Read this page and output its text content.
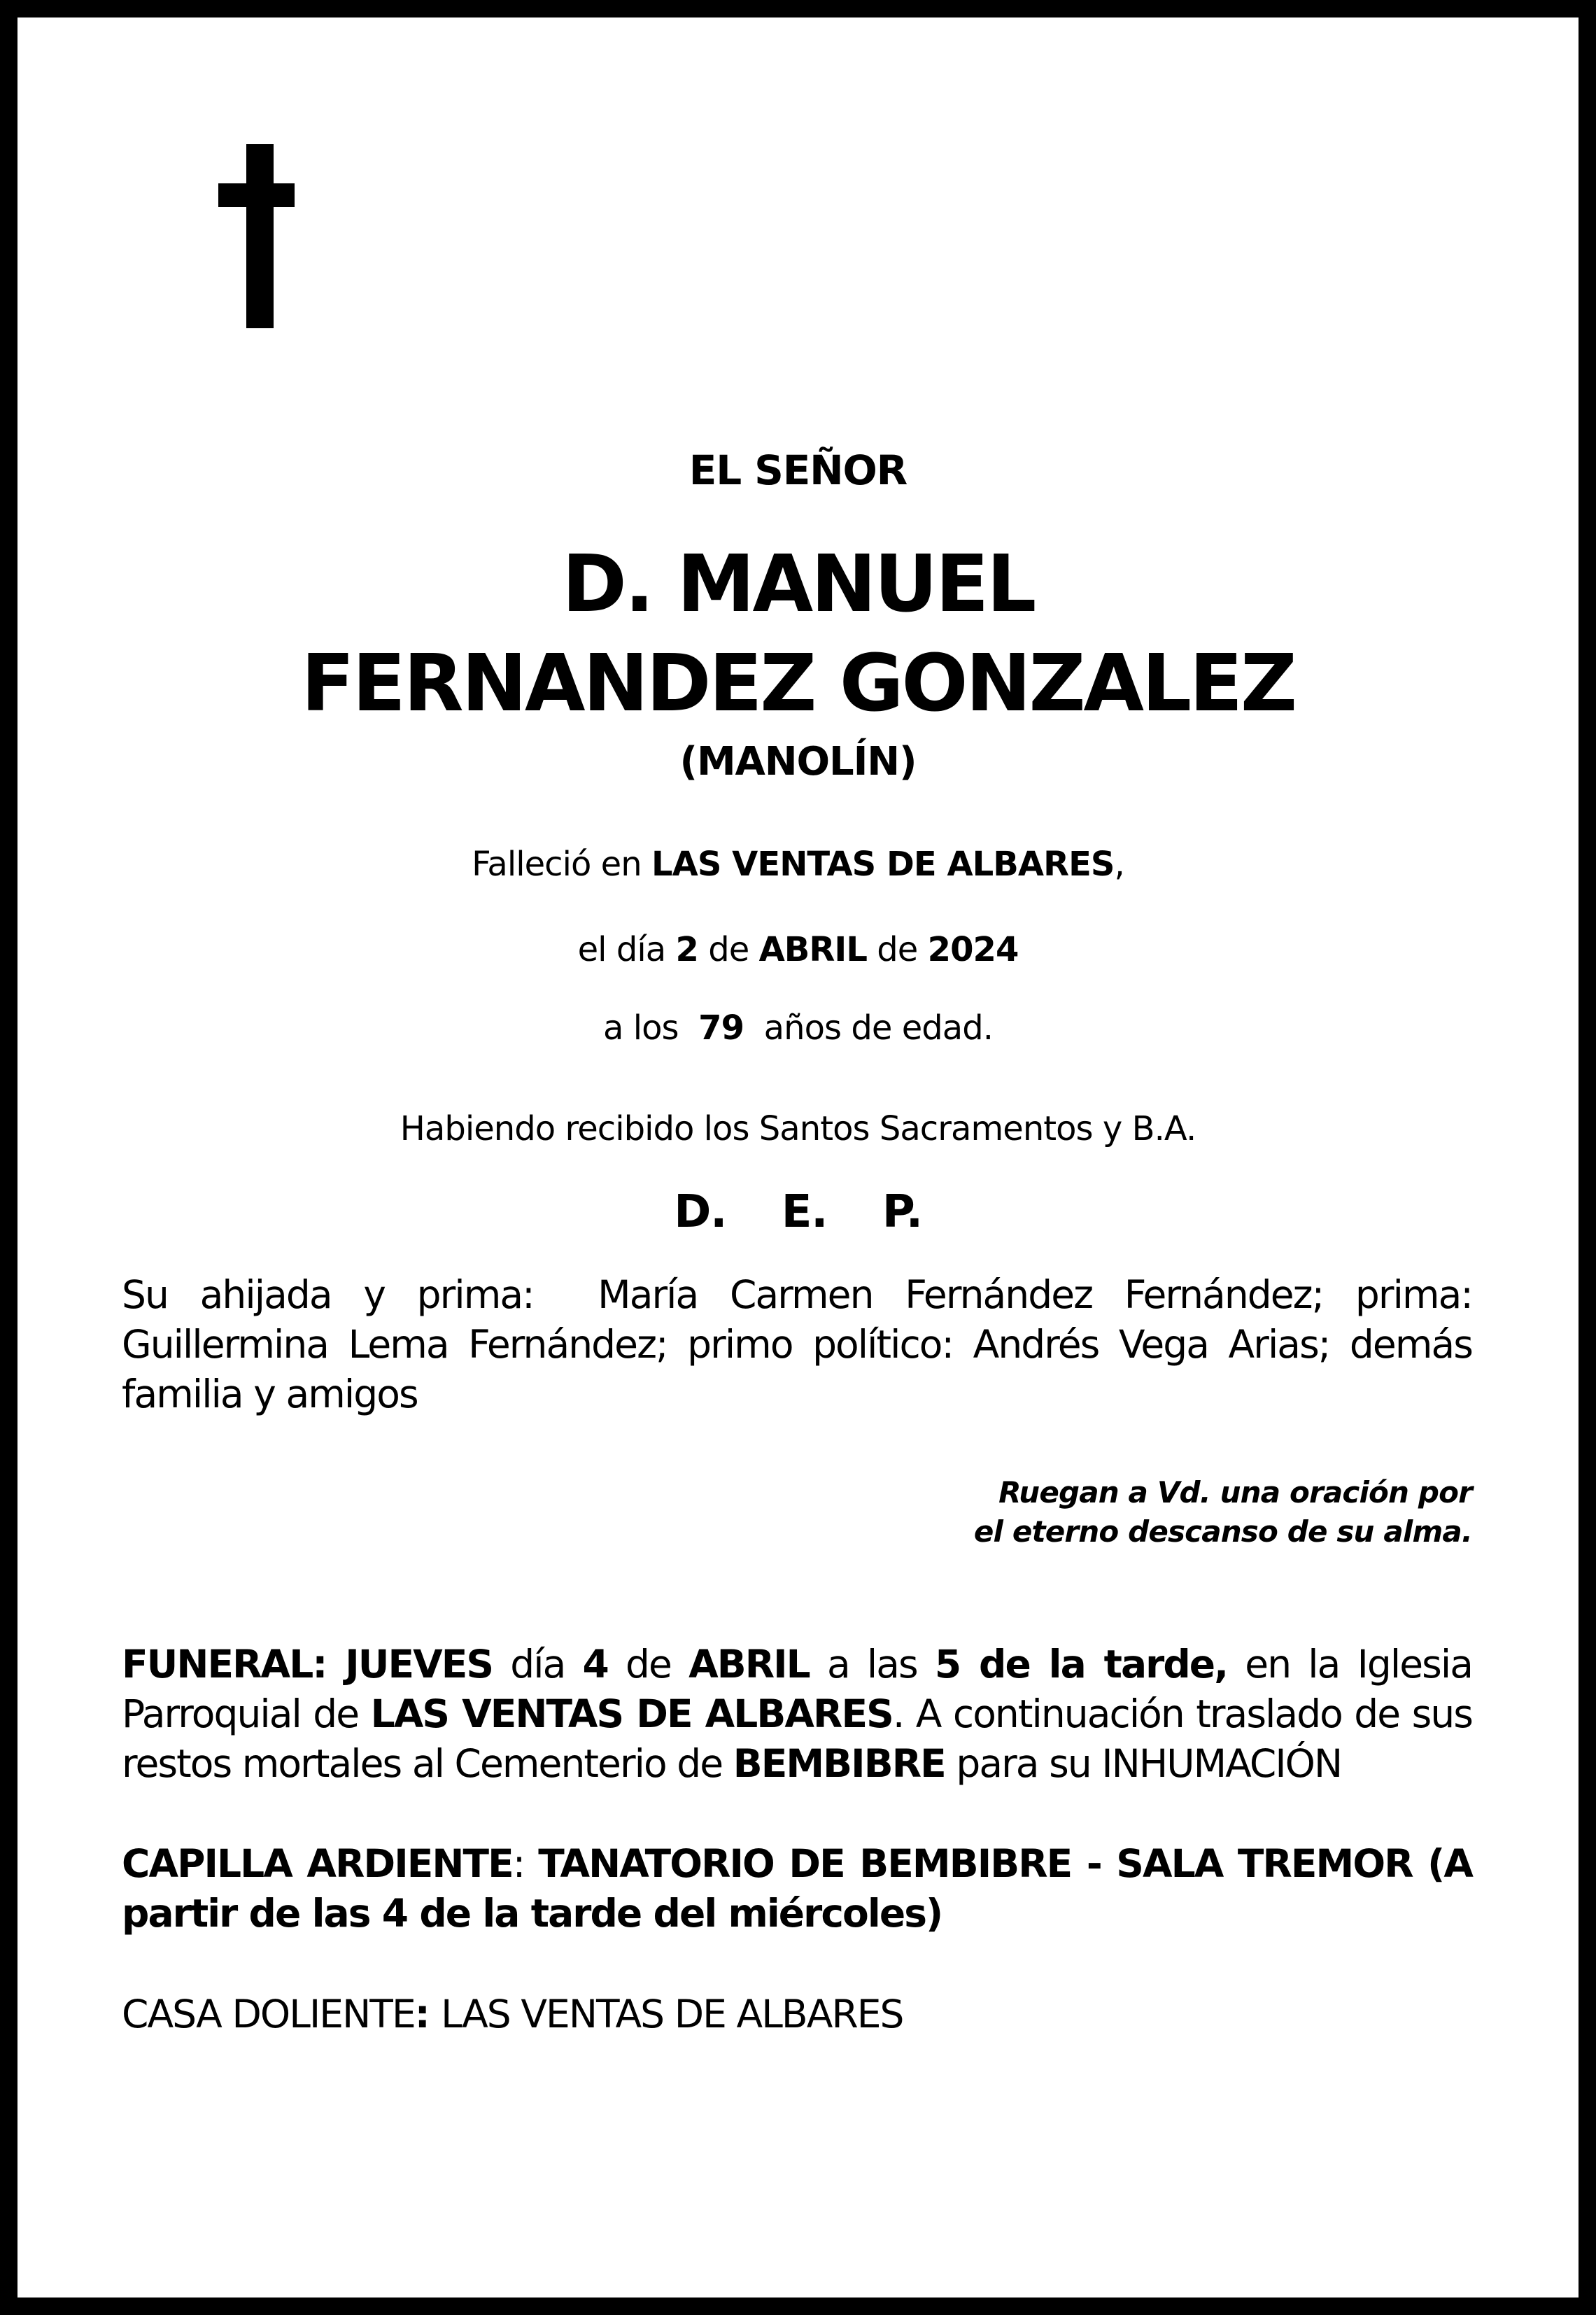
EL SEÑOR
D. MANUEL
FERNANDEZ GONZALEZ
(MANOLÍN)
Falleció en LAS VENTAS DE ALBARES,
el día 2 de ABRIL de 2024
a los  79  años de edad.
Habiendo recibido los Santos Sacramentos y B.A.
D. E. P.
Su ahijada y prima:  María Carmen Fernández Fernández; prima: Guillermina Lema Fernández; primo político: Andrés Vega Arias; demás familia y amigos
Ruegan a Vd. una oración por
el eterno descanso de su alma.
FUNERAL: JUEVES día 4 de ABRIL a las 5 de la tarde, en la Iglesia Parroquial de LAS VENTAS DE ALBARES. A continuación traslado de sus restos mortales al Cementerio de BEMBIBRE para su INHUMACIÓN
CAPILLA ARDIENTE: TANATORIO DE BEMBIBRE - SALA TREMOR (A partir de las 4 de la tarde del miércoles)
CASA DOLIENTE: LAS VENTAS DE ALBARES
